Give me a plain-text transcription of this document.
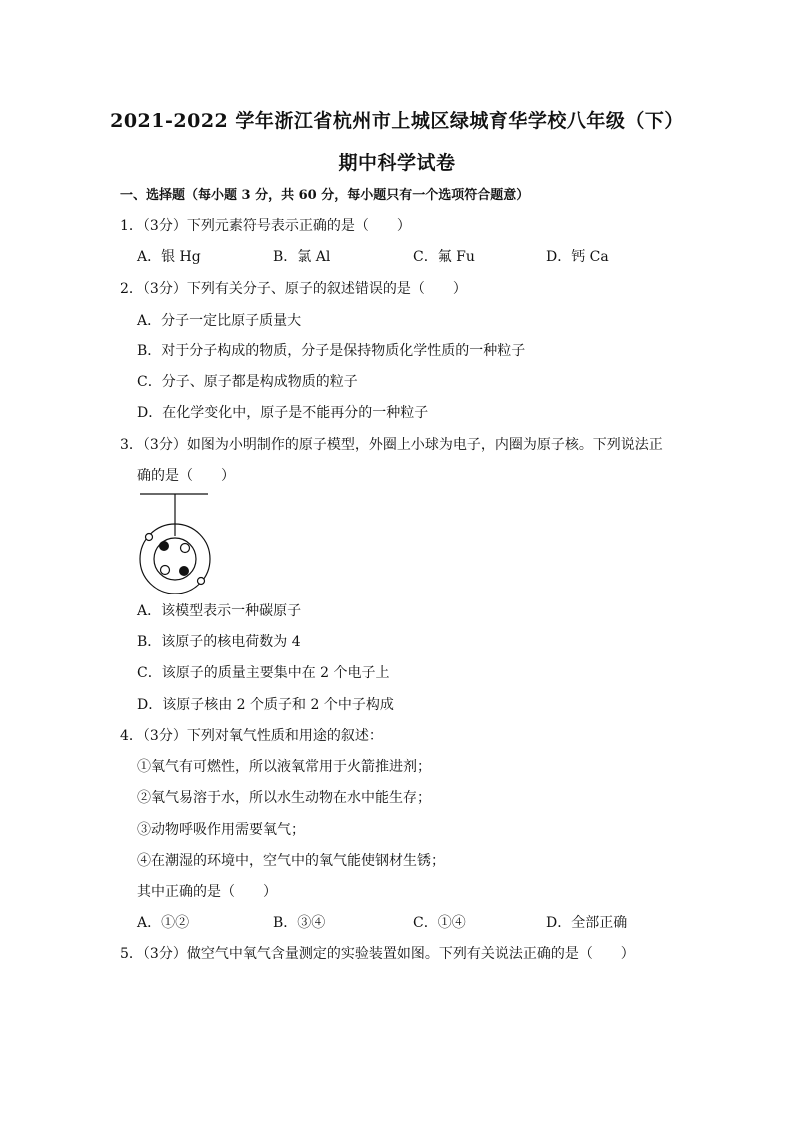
2021-2022 学年浙江省杭州市上城区绿城育华学校八年级（下）
期中科学试卷
一、选择题（每小题 3 分，共 60 分，每小题只有一个选项符合题意）
1．（3分）下列元素符号表示正确的是（　　）
A．银 Hg	B．氯 Al	C．氟 Fu	D．钙 Ca
2．（3分）下列有关分子、原子的叙述错误的是（　　）
A．分子一定比原子质量大
B．对于分子构成的物质，分子是保持物质化学性质的一种粒子
C．分子、原子都是构成物质的粒子
D．在化学变化中，原子是不能再分的一种粒子
3．（3分）如图为小明制作的原子模型，外圈上小球为电子，内圈为原子核。下列说法正
确的是（　　）
A．该模型表示一种碳原子
B．该原子的核电荷数为 4
C．该原子的质量主要集中在 2 个电子上
D．该原子核由 2 个质子和 2 个中子构成
4．（3分）下列对氧气性质和用途的叙述：
①氧气有可燃性，所以液氧常用于火箭推进剂；
②氧气易溶于水，所以水生动物在水中能生存；
③动物呼吸作用需要氧气；
④在潮湿的环境中，空气中的氧气能使钢材生锈；
其中正确的是（　　）
A．①②	B．③④	C．①④	D．全部正确
5．（3分）做空气中氧气含量测定的实验装置如图。下列有关说法正确的是（　　）
